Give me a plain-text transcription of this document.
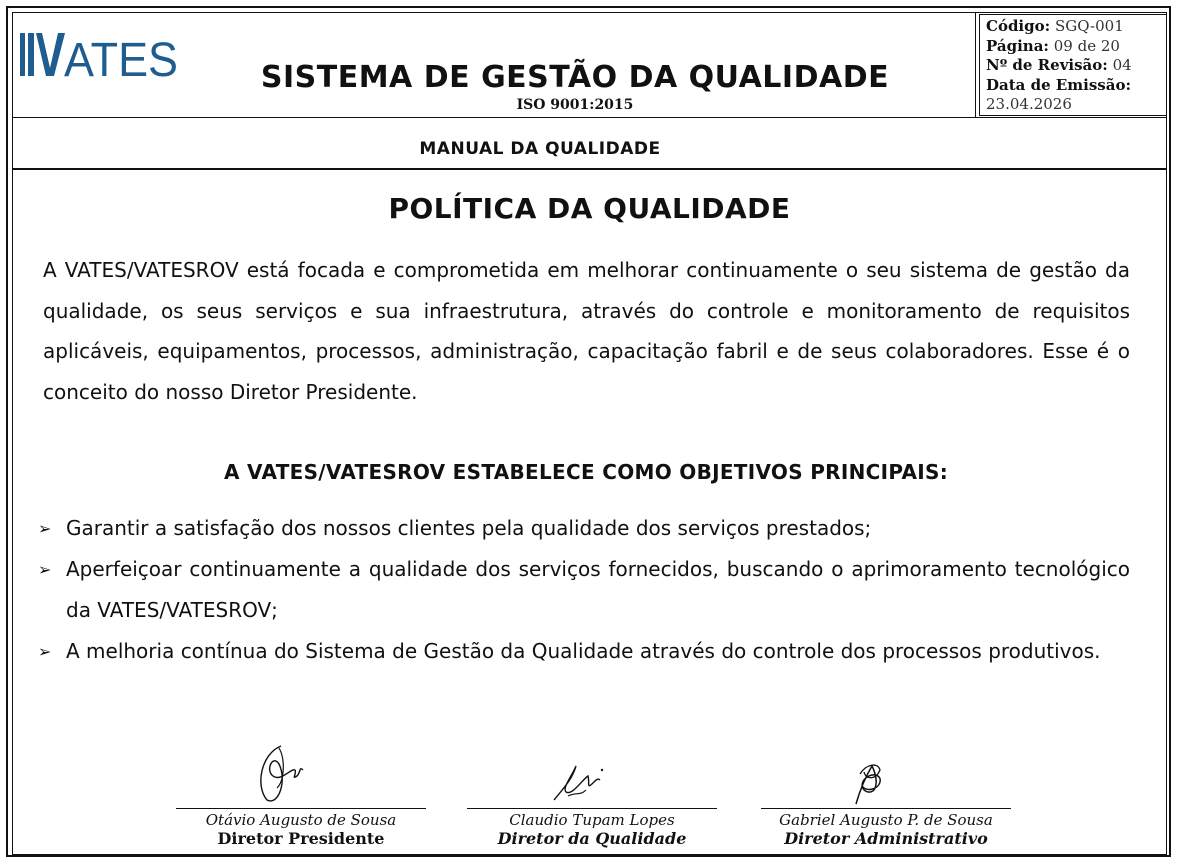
ATES	SISTEMA DE GESTÃO DA QUALIDADE
ISO 9001:2015
Código: SGQ-001
Página: 09 de 20
Nº de Revisão: 04
Data de Emissão:
23.04.2026
MANUAL DA QUALIDADE
POLÍTICA DA QUALIDADE
A VATES/VATESROV está focada e comprometida em melhorar continuamente o seu sistema de gestão da qualidade, os seus serviços e sua infraestrutura, através do controle e monitoramento de requisitos aplicáveis, equipamentos, processos, administração, capacitação fabril e de seus colaboradores. Esse é o conceito do nosso Diretor Presidente.
A VATES/VATESROV ESTABELECE COMO OBJETIVOS PRINCIPAIS:
➢ Garantir a satisfação dos nossos clientes pela qualidade dos serviços prestados;
➢ Aperfeiçoar continuamente a qualidade dos serviços fornecidos, buscando o aprimoramento tecnológico da VATES/VATESROV;
➢ A melhoria contínua do Sistema de Gestão da Qualidade através do controle dos processos produtivos.
Otávio Augusto de Sousa
Diretor Presidente
Claudio Tupam Lopes
Diretor da Qualidade
Gabriel Augusto P. de Sousa
Diretor Administrativo
